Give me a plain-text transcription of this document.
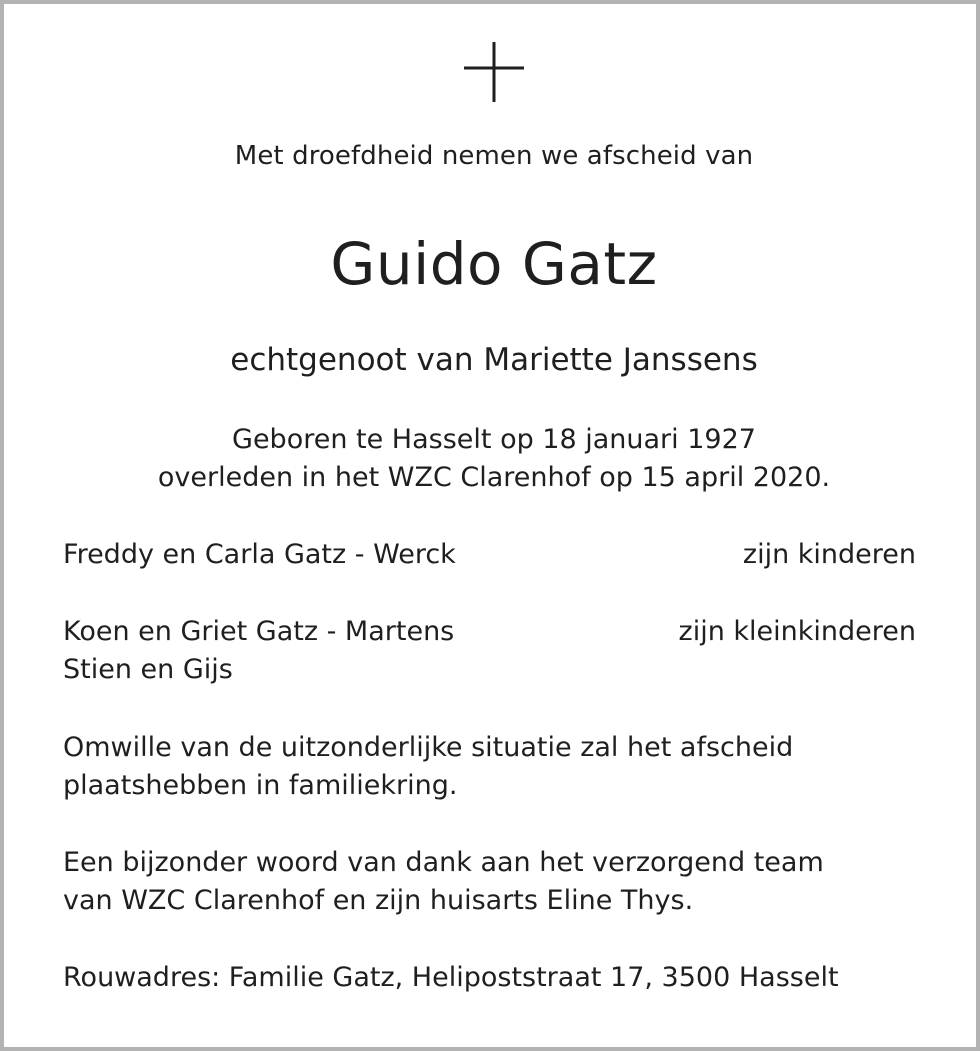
Met droefdheid nemen we afscheid van
Guido Gatz
echtgenoot van Mariette Janssens
Geboren te Hasselt op 18 januari 1927
overleden in het WZC Clarenhof op 15 april 2020.
Freddy en Carla Gatz - Werck	zijn kinderen
Koen en Griet Gatz - Martens	zijn kleinkinderen
Stien en Gijs
Omwille van de uitzonderlijke situatie zal het afscheid
plaatshebben in familiekring.
Een bijzonder woord van dank aan het verzorgend team
van WZC Clarenhof en zijn huisarts Eline Thys.
Rouwadres: Familie Gatz, Helipoststraat 17, 3500 Hasselt
